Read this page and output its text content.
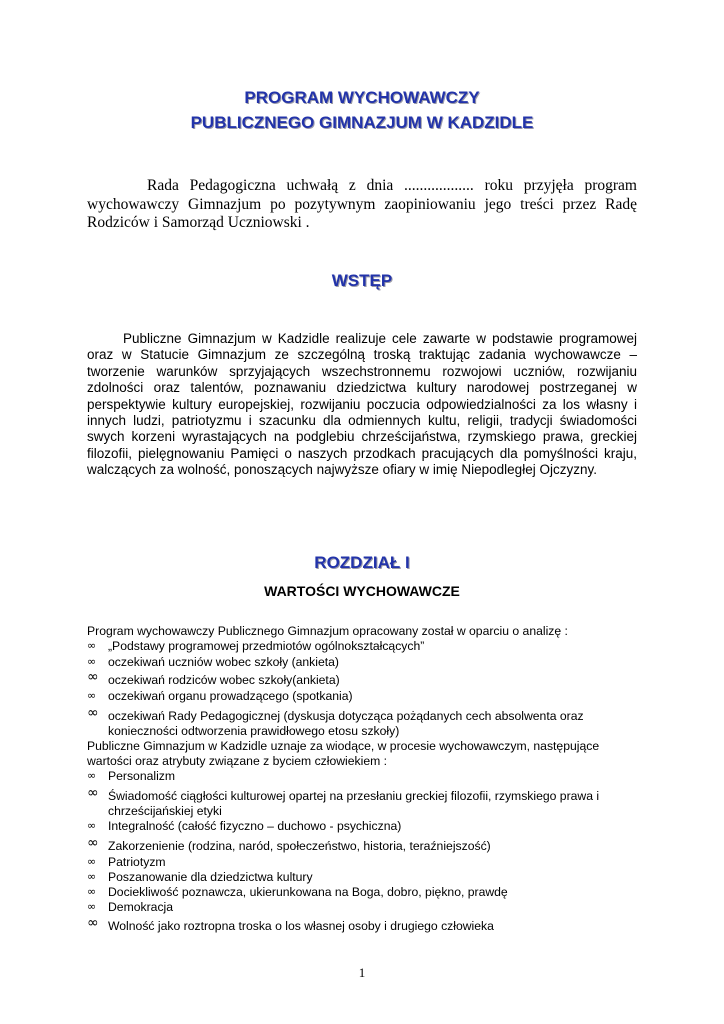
PROGRAM WYCHOWAWCZY
PUBLICZNEGO GIMNAZJUM W KADZIDLE
Rada Pedagogiczna uchwałą z dnia .................. roku przyjęła program wychowawczy Gimnazjum po pozytywnym zaopiniowaniu jego treści przez Radę Rodziców i Samorząd Uczniowski .
WSTĘP
Publiczne Gimnazjum w Kadzidle realizuje cele zawarte w podstawie programowej oraz w Statucie Gimnazjum ze szczególną troską traktując zadania wychowawcze – tworzenie warunków sprzyjających wszechstronnemu rozwojowi uczniów, rozwijaniu zdolności oraz talentów, poznawaniu dziedzictwa kultury narodowej postrzeganej w perspektywie kultury europejskiej, rozwijaniu poczucia odpowiedzialności za los własny i innych ludzi, patriotyzmu i szacunku dla odmiennych kultu, religii, tradycji świadomości swych korzeni wyrastających na podglebiu chrześcijaństwa, rzymskiego prawa, greckiej filozofii, pielęgnowaniu Pamięci o naszych przodkach pracujących dla pomyślności kraju, walczących za wolność, ponoszących najwyższe ofiary w imię Niepodległej Ojczyzny.
ROZDZIAŁ I
WARTOŚCI WYCHOWAWCZE
Program wychowawczy Publicznego Gimnazjum opracowany został w oparciu o analizę :
∞ „Podstawy programowej przedmiotów ogólnokształcących”
∞ oczekiwań uczniów wobec szkoły (ankieta)
∞ oczekiwań rodziców wobec szkoły(ankieta)
∞ oczekiwań organu prowadzącego (spotkania)
∞ oczekiwań Rady Pedagogicznej (dyskusja dotycząca pożądanych cech absolwenta oraz konieczności odtworzenia prawidłowego etosu szkoły)
Publiczne Gimnazjum w Kadzidle uznaje za wiodące, w procesie wychowawczym, następujące wartości oraz atrybuty związane z byciem człowiekiem :
∞ Personalizm
∞ Świadomość ciągłości kulturowej opartej na przesłaniu greckiej filozofii, rzymskiego prawa i chrześcijańskiej etyki
∞ Integralność (całość fizyczno – duchowo - psychiczna)
∞ Zakorzenienie (rodzina, naród, społeczeństwo, historia, teraźniejszość)
∞ Patriotyzm
∞ Poszanowanie dla dziedzictwa kultury
∞ Dociekliwość poznawcza, ukierunkowana na Boga, dobro, piękno, prawdę
∞ Demokracja
∞ Wolność jako roztropna troska o los własnej osoby i drugiego człowieka
1
